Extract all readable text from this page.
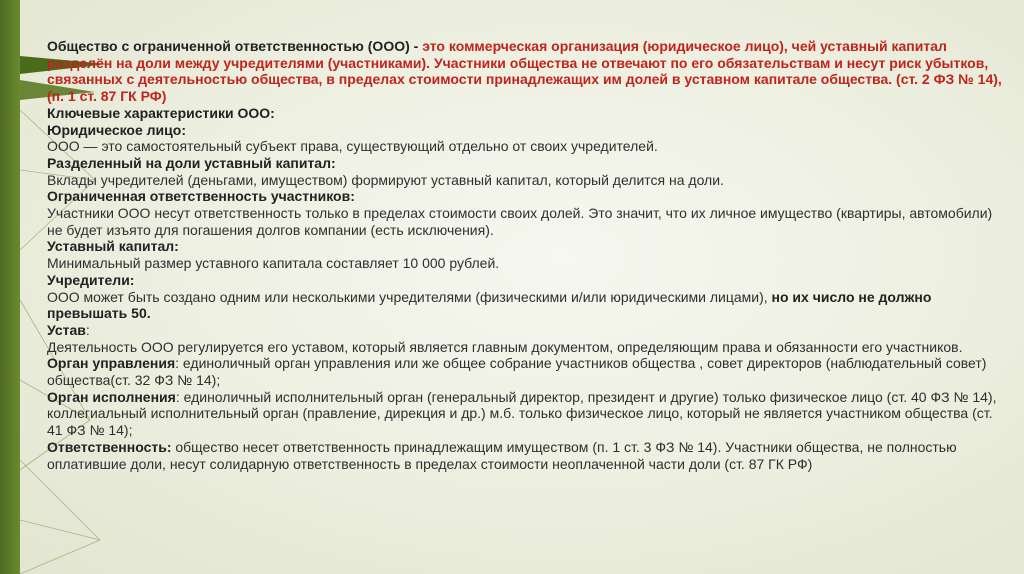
Общество с ограниченной ответственностью (ООО) - это коммерческая организация (юридическое лицо), чей уставный капитал разделён на доли между учредителями (участниками). Участники общества не отвечают по его обязательствам и несут риск убытков, связанных с деятельностью общества, в пределах стоимости принадлежащих им долей в уставном капитале общества. (ст. 2 ФЗ № 14), (п. 1 ст. 87 ГК РФ)

Ключевые характеристики ООО:

Юридическое лицо:

ООО — это самостоятельный субъект права, существующий отдельно от своих учредителей.

Разделенный на доли уставный капитал:

Вклады учредителей (деньгами, имуществом) формируют уставный капитал, который делится на доли.

Ограниченная ответственность участников:

Участники ООО несут ответственность только в пределах стоимости своих долей. Это значит, что их личное имущество (квартиры, автомобили) не будет изъято для погашения долгов компании (есть исключения).

Уставный капитал:

Минимальный размер уставного капитала составляет 10 000 рублей.

Учредители:

ООО может быть создано одним или несколькими учредителями (физическими и/или юридическими лицами), но их число не должно превышать 50.

Устав:

Деятельность ООО регулируется его уставом, который является главным документом, определяющим права и обязанности его участников.

Орган управления: единоличный орган управления или же общее собрание участников общества , совет директоров (наблюдательный совет) общества(ст. 32 ФЗ № 14);

Орган исполнения: единоличный исполнительный орган (генеральный директор, президент и другие) только физическое лицо (ст. 40 ФЗ № 14), коллегиальный исполнительный орган (правление, дирекция и др.) м.б. только физическое лицо, который не является участником общества (ст. 41 ФЗ № 14);

Ответственность: общество несет ответственность принадлежащим имуществом (п. 1 ст. 3 ФЗ № 14). Участники общества, не полностью оплатившие доли, несут солидарную ответственность в пределах стоимости неоплаченной части доли (ст. 87 ГК РФ)
